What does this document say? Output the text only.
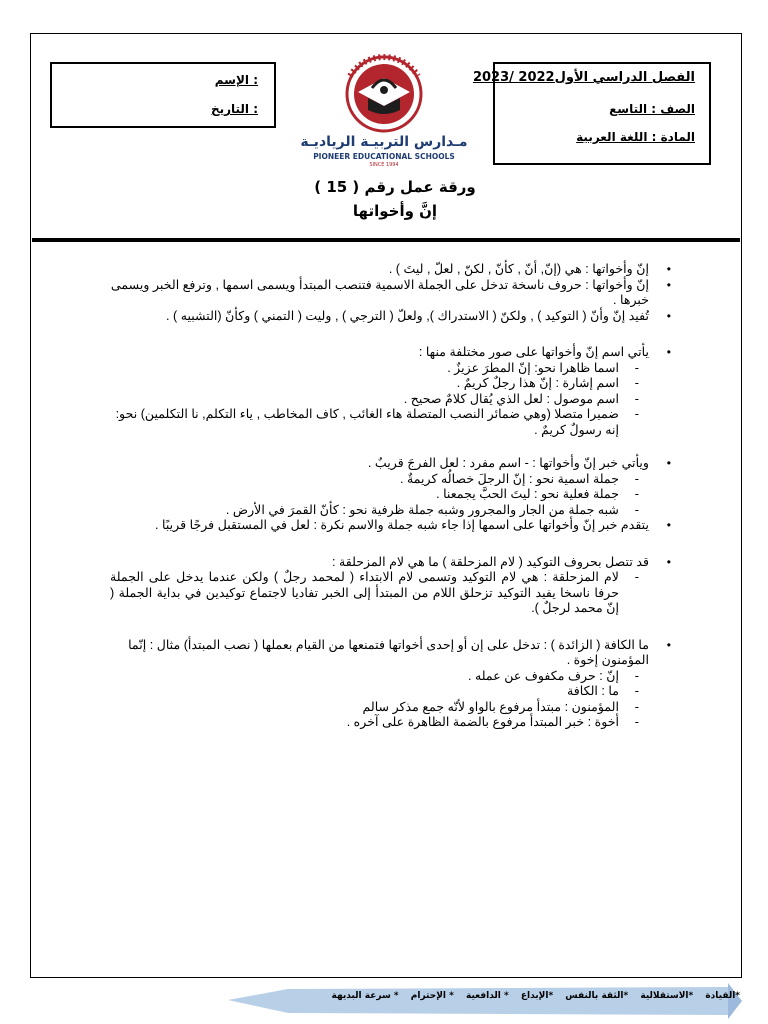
: الإسم
: التاريخ
الفصل الدراسي الأول2022 /2023
الصف : التاسع
المادة : اللغة العربية
مـدارس التربيـة الرياديـة
PIONEER EDUCATIONAL SCHOOLS
SINCE 1994
ورقة عمل رقم ( 15 )
إنَّ وأخواتها
• إنّ وأخواتها : هي (إنّ, أنّ , كأنّ , لكنّ , لعلّ , ليتَ ) .
• إنّ وأخواتها : حروف ناسخة تدخل على الجملة الاسمية فتنصب المبتدأ ويسمى اسمها , وترفع الخبر ويسمى خبرها .
• تُفيد إنّ وأنّ ( التوكيد ) , ولكنّ ( الاستدراك ), ولعلّ ( الترجي ) , وليت ( التمني ) وكأنّ (التشبيه ) .
• يأتي اسم إنّ وأخواتها على صور مختلفة منها :
- اسما ظاهرا نحو: إنّ المطرَ عزيزٌ .
- اسم إشارة : إنّ هذا رجلٌ كريمٌ .
- اسم موصول : لعل الذي يُقال كلامٌ صحيح .
- ضميرا متصلا (وهي ضمائر النصب المتصلة هاء الغائب , كاف المخاطب , ياء التكلم, نا التكلمين) نحو: إنه رسولٌ كريمٌ .
• ويأتي خبر إنّ وأخواتها : - اسم مفرد : لعل الفرجَ قريبٌ .
- جملة اسمية نحو : إنّ الرجلَ خصالُه كريمةٌ .
- جملة فعلية نحو : ليتَ الحبَّ يجمعنا .
- شبه جملة من الجار والمجرور وشبه جملة ظرفية نحو : كأنّ القمرَ في الأرض .
• يتقدم خبر إنّ وأخواتها على اسمها إذا جاء شبه جملة والاسم نكرة : لعل في المستقبل فرجًا قريبًا .
• قد تتصل بحروف التوكيد ( لام المزحلقة ) ما هي لام المزحلقة :
- لام المزحلقة : هي لام التوكيد وتسمى لام الابتداء ( لمحمد رجلٌ ) ولكن عندما يدخل على الجملة حرفا ناسخا يفيد التوكيد تزحلق اللام من المبتدأ إلى الخبر تفاديا لاجتماع توكيدين في بداية الجملة ( إنّ محمد لرجلٌ ).
• ما الكافة ( الزائدة ) : تدخل على إن أو إحدى أخواتها فتمنعها من القيام بعملها ( نصب المبتدأ) مثال : إنّما المؤمنون إخوة .
- إنّ : حرف مكفوف عن عمله .
- ما : الكافة
- المؤمنون : مبتدأ مرفوع بالواو لأنّه جمع مذكر سالم
- أخوة : خبر المبتدأ مرفوع بالضمة الظاهرة على آخره .
*القيادة *الاستقلالية *الثقة بالنفس *الإبداع * الدافعية * الإحترام * سرعة البديهة
